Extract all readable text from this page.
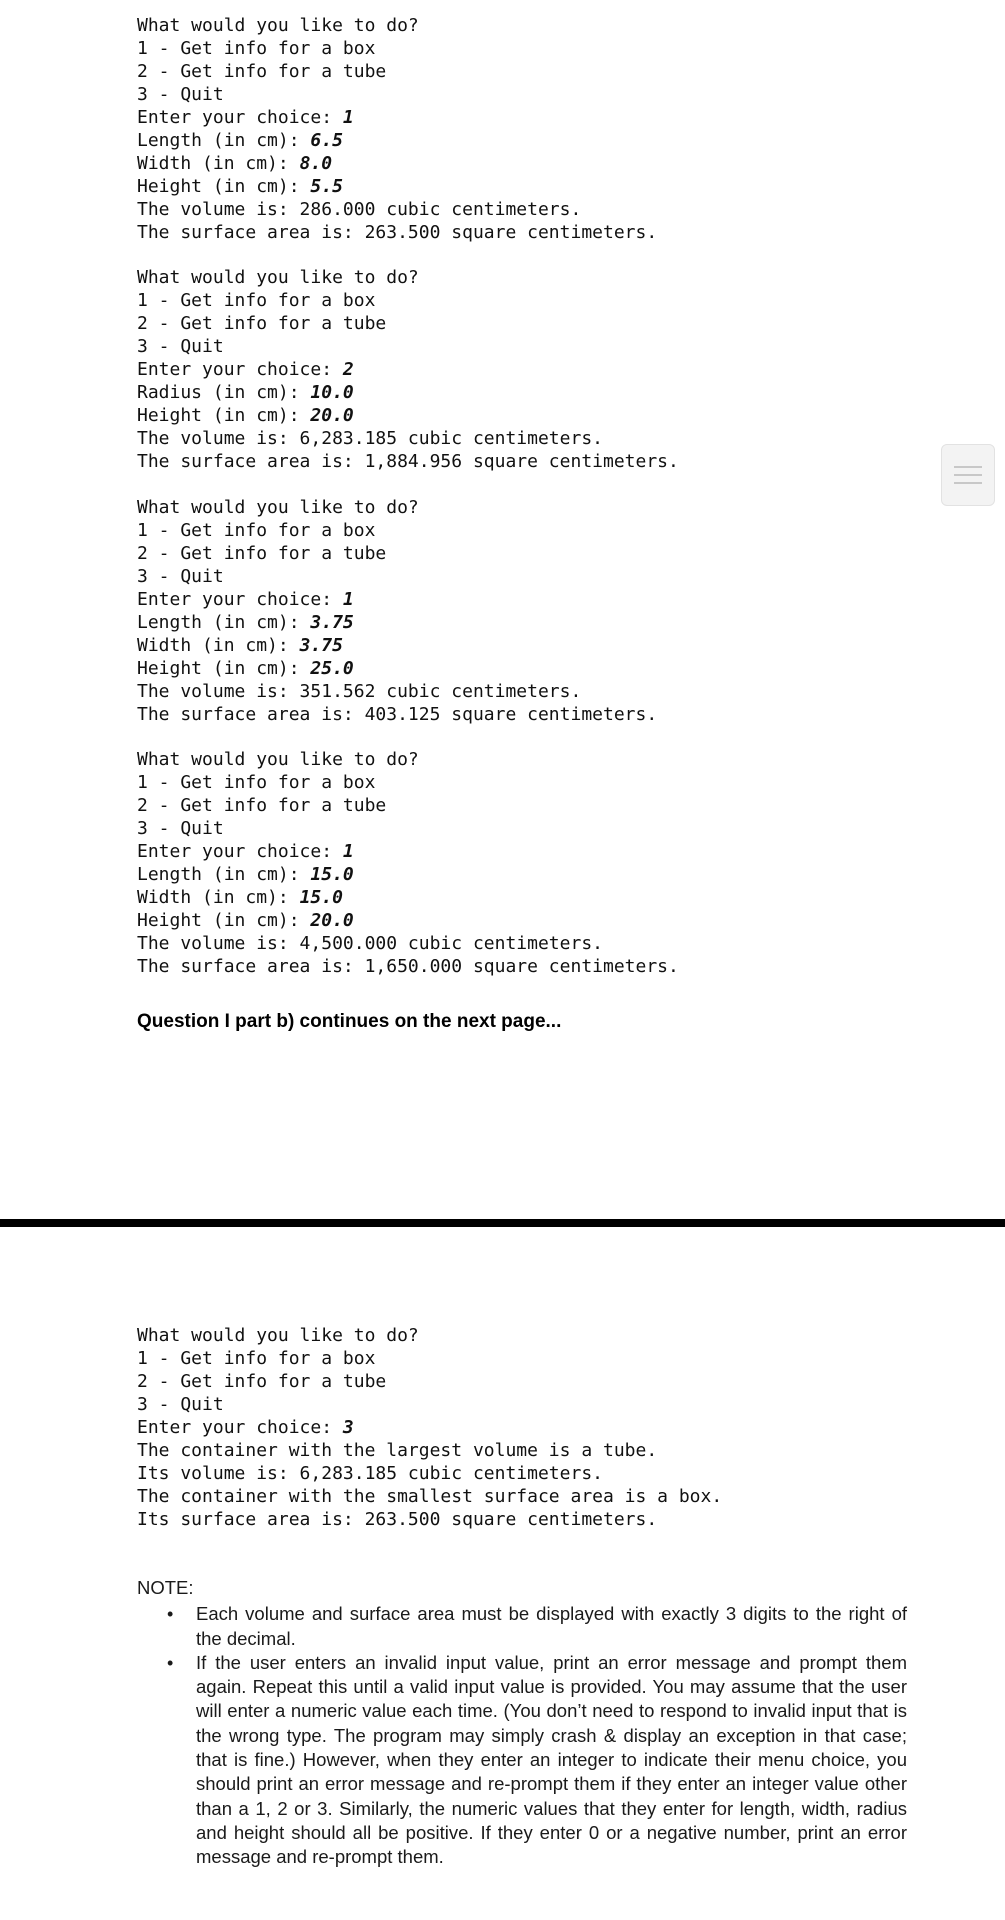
What would you like to do?
1 - Get info for a box
2 - Get info for a tube
3 - Quit
Enter your choice: 1
Length (in cm): 6.5
Width (in cm): 8.0
Height (in cm): 5.5
The volume is: 286.000 cubic centimeters.
The surface area is: 263.500 square centimeters.
What would you like to do?
1 - Get info for a box
2 - Get info for a tube
3 - Quit
Enter your choice: 2
Radius (in cm): 10.0
Height (in cm): 20.0
The volume is: 6,283.185 cubic centimeters.
The surface area is: 1,884.956 square centimeters.
What would you like to do?
1 - Get info for a box
2 - Get info for a tube
3 - Quit
Enter your choice: 1
Length (in cm): 3.75
Width (in cm): 3.75
Height (in cm): 25.0
The volume is: 351.562 cubic centimeters.
The surface area is: 403.125 square centimeters.
What would you like to do?
1 - Get info for a box
2 - Get info for a tube
3 - Quit
Enter your choice: 1
Length (in cm): 15.0
Width (in cm): 15.0
Height (in cm): 20.0
The volume is: 4,500.000 cubic centimeters.
The surface area is: 1,650.000 square centimeters.
Question I part b) continues on the next page...
What would you like to do?
1 - Get info for a box
2 - Get info for a tube
3 - Quit
Enter your choice: 3
The container with the largest volume is a tube.
Its volume is: 6,283.185 cubic centimeters.
The container with the smallest surface area is a box.
Its surface area is: 263.500 square centimeters.
NOTE:
• Each volume and surface area must be displayed with exactly 3 digits to the right of the decimal.
• If the user enters an invalid input value, print an error message and prompt them again. Repeat this until a valid input value is provided. You may assume that the user will enter a numeric value each time. (You don’t need to respond to invalid input that is the wrong type. The program may simply crash & display an exception in that case; that is fine.) However, when they enter an integer to indicate their menu choice, you should print an error message and re-prompt them if they enter an integer value other than a 1, 2 or 3. Similarly, the numeric values that they enter for length, width, radius and height should all be positive. If they enter 0 or a negative number, print an error message and re-prompt them.
